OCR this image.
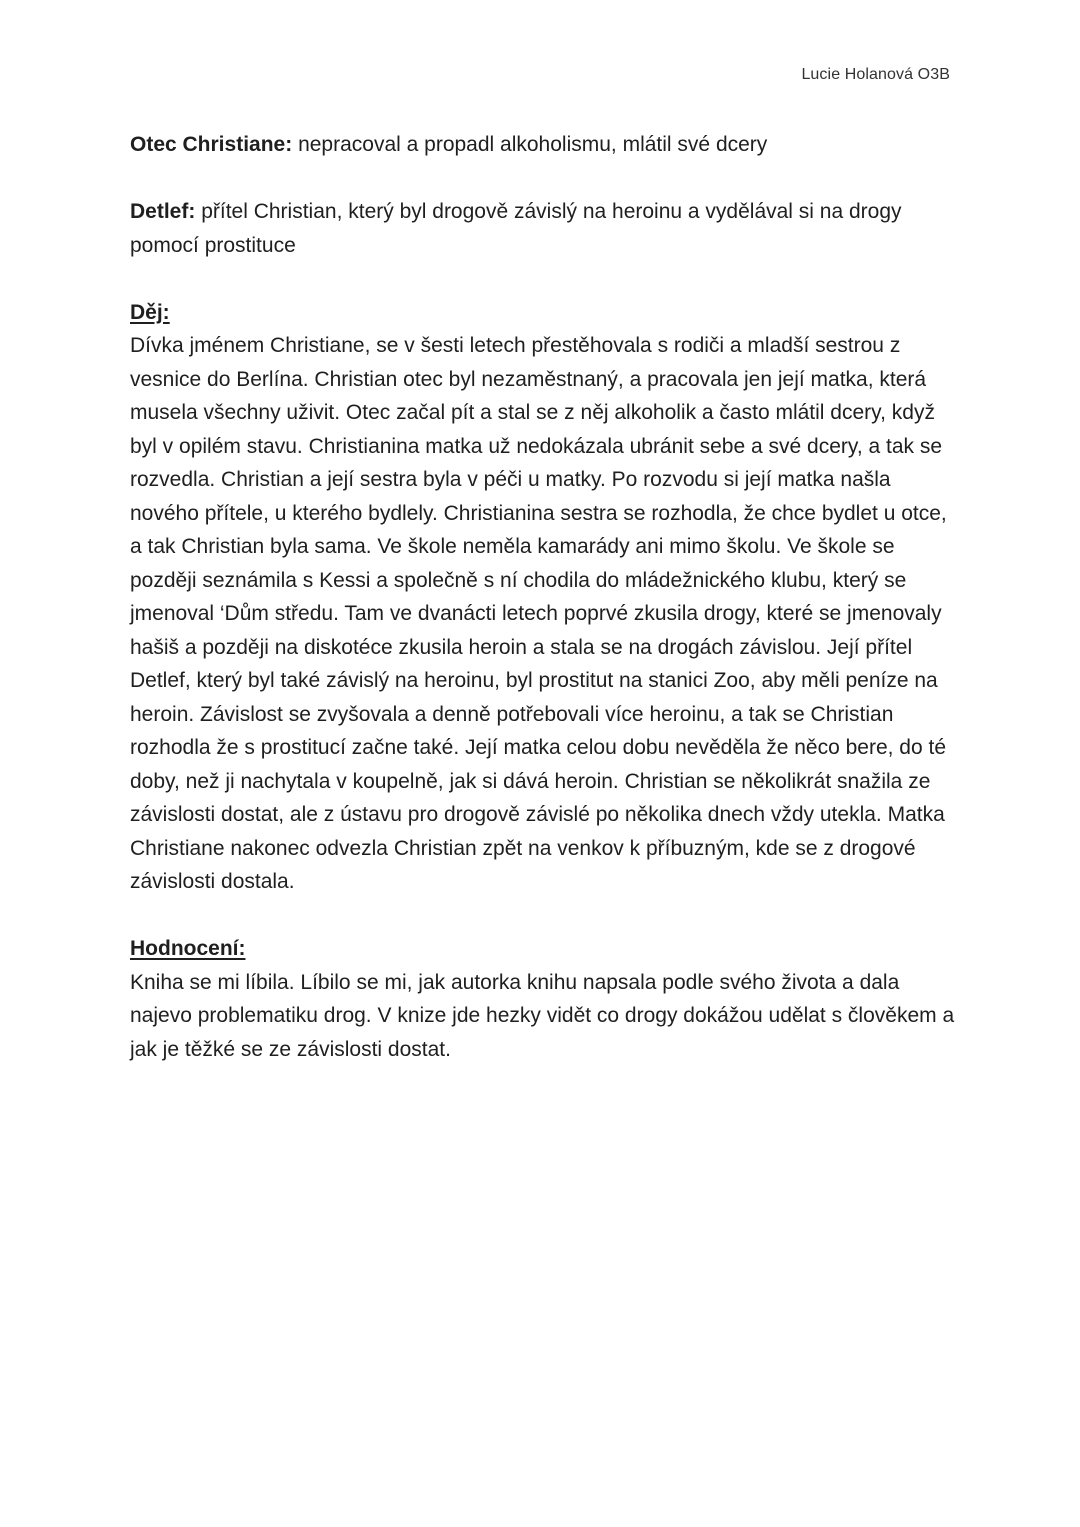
Lucie Holanová O3B

Otec Christiane: nepracoval a propadl alkoholismu, mlátil své dcery

Detlef: přítel Christian, který byl drogově závislý na heroinu a vydělával si na drogy pomocí prostituce

Děj:

Dívka jménem Christiane, se v šesti letech přestěhovala s rodiči a mladší sestrou z vesnice do Berlína. Christian otec byl nezaměstnaný, a pracovala jen její matka, která musela všechny uživit. Otec začal pít a stal se z něj alkoholik a často mlátil dcery, když byl v opilém stavu. Christianina matka už nedokázala ubránit sebe a své dcery, a tak se rozvedla. Christian a její sestra byla v péči u matky. Po rozvodu si její matka našla nového přítele, u kterého bydlely. Christianina sestra se rozhodla, že chce bydlet u otce, a tak Christian byla sama. Ve škole neměla kamarády ani mimo školu. Ve škole se později seznámila s Kessi a společně s ní chodila do mládežnického klubu, který se jmenoval ‘Dům středu. Tam ve dvanácti letech poprvé zkusila drogy, které se jmenovaly hašiš a později na diskotéce zkusila heroin a stala se na drogách závislou. Její přítel Detlef, který byl také závislý na heroinu, byl prostitut na stanici Zoo, aby měli peníze na heroin. Závislost se zvyšovala a denně potřebovali více heroinu, a tak se Christian rozhodla že s prostitucí začne také. Její matka celou dobu nevěděla že něco bere, do té doby, než ji nachytala v koupelně, jak si dává heroin. Christian se několikrát snažila ze závislosti dostat, ale z ústavu pro drogově závislé po několika dnech vždy utekla. Matka Christiane nakonec odvezla Christian zpět na venkov k příbuzným, kde se z drogové závislosti dostala.

Hodnocení:

Kniha se mi líbila. Líbilo se mi, jak autorka knihu napsala podle svého života a dala najevo problematiku drog. V knize jde hezky vidět co drogy dokážou udělat s člověkem a jak je těžké se ze závislosti dostat.
